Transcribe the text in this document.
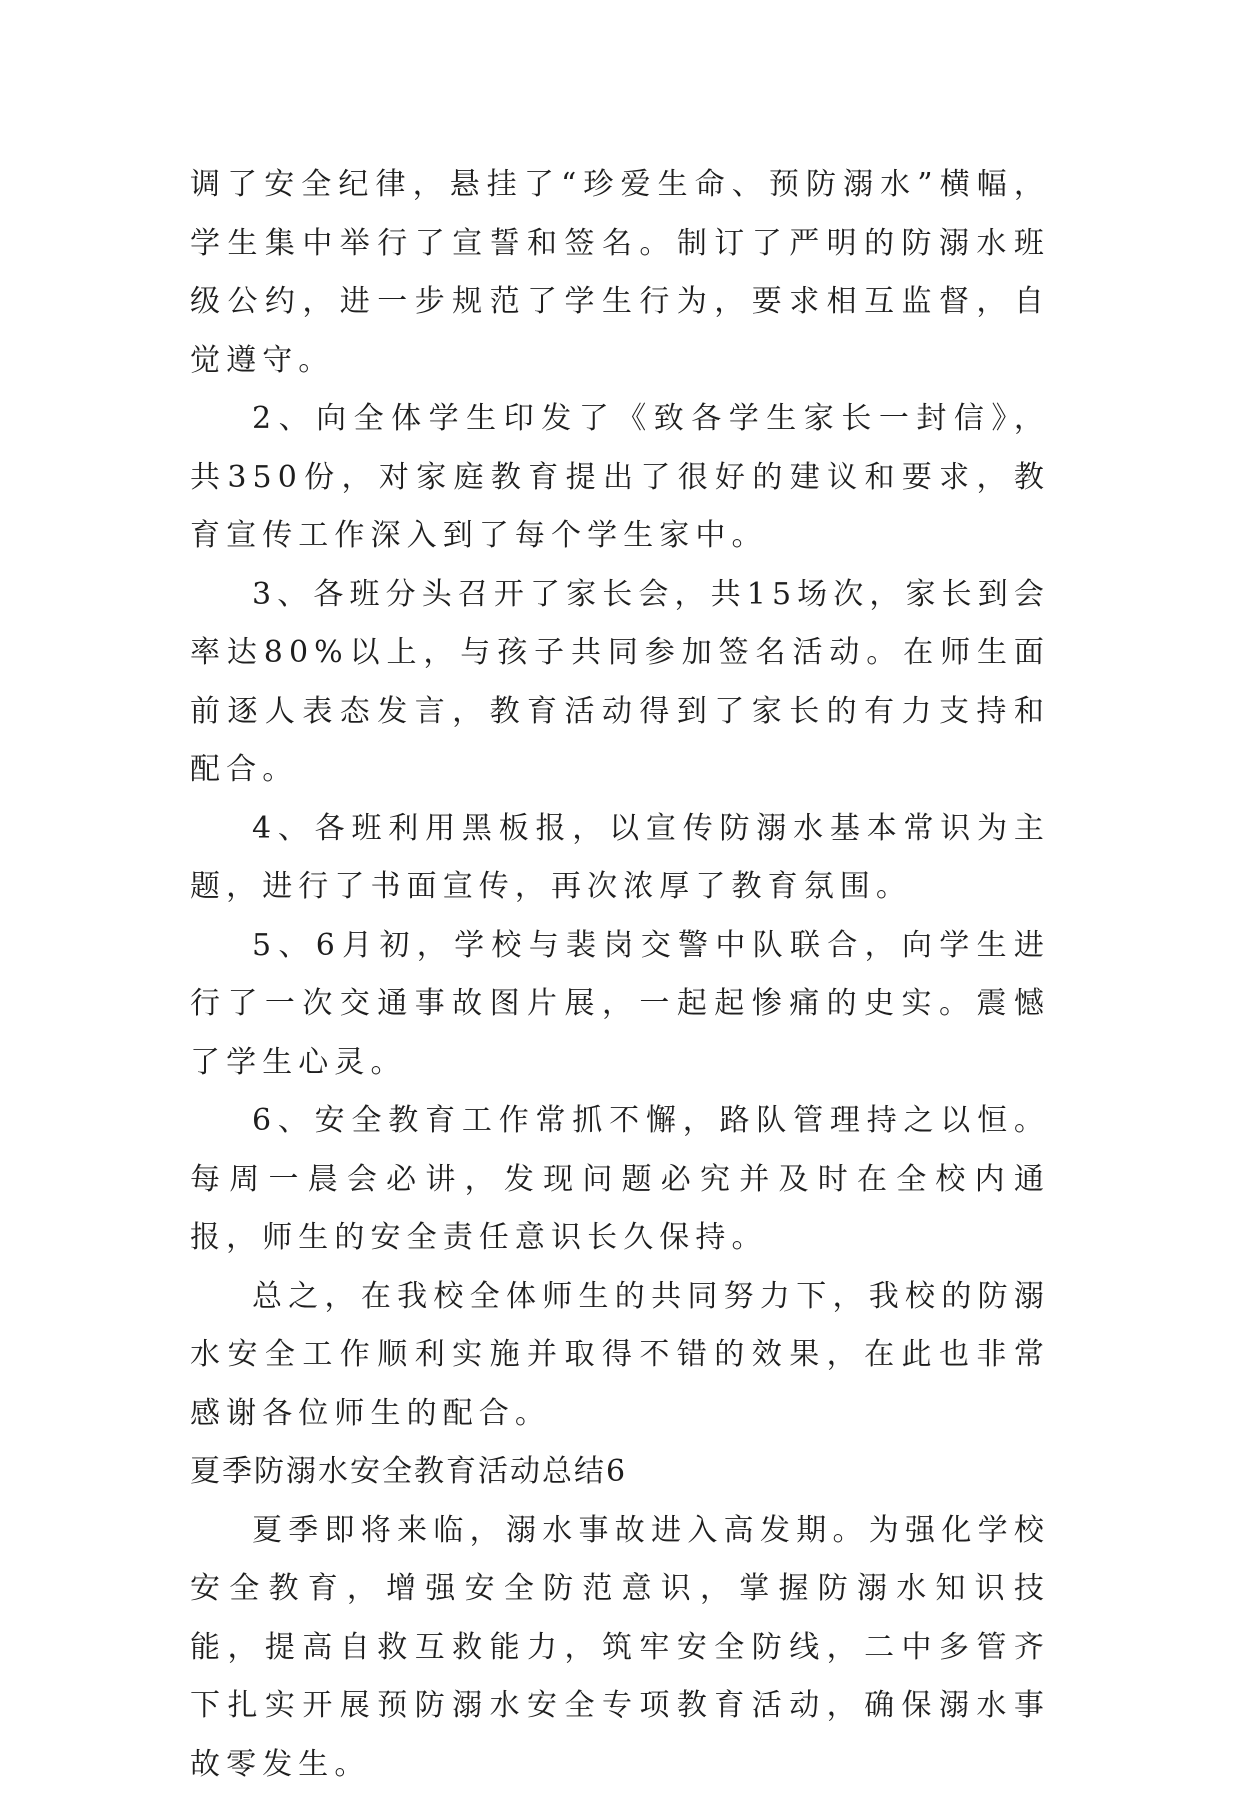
调了安全纪律，悬挂了“珍爱生命、预防溺水”横幅，学生集中举行了宣誓和签名。制订了严明的防溺水班级公约，进一步规范了学生行为，要求相互监督，自觉遵守。

2、向全体学生印发了《致各学生家长一封信》，共350份，对家庭教育提出了很好的建议和要求，教育宣传工作深入到了每个学生家中。

3、各班分头召开了家长会，共15场次，家长到会率达80%以上，与孩子共同参加签名活动。在师生面前逐人表态发言，教育活动得到了家长的有力支持和配合。

4、各班利用黑板报，以宣传防溺水基本常识为主题，进行了书面宣传，再次浓厚了教育氛围。

5、6月初，学校与裴岗交警中队联合，向学生进行了一次交通事故图片展，一起起惨痛的史实。震憾了学生心灵。

6、安全教育工作常抓不懈，路队管理持之以恒。每周一晨会必讲，发现问题必究并及时在全校内通报，师生的安全责任意识长久保持。

总之，在我校全体师生的共同努力下，我校的防溺水安全工作顺利实施并取得不错的效果，在此也非常感谢各位师生的配合。

夏季防溺水安全教育活动总结6

夏季即将来临，溺水事故进入高发期。为强化学校安全教育，增强安全防范意识，掌握防溺水知识技能，提高自救互救能力，筑牢安全防线，二中多管齐下扎实开展预防溺水安全专项教育活动，确保溺水事故零发生。
